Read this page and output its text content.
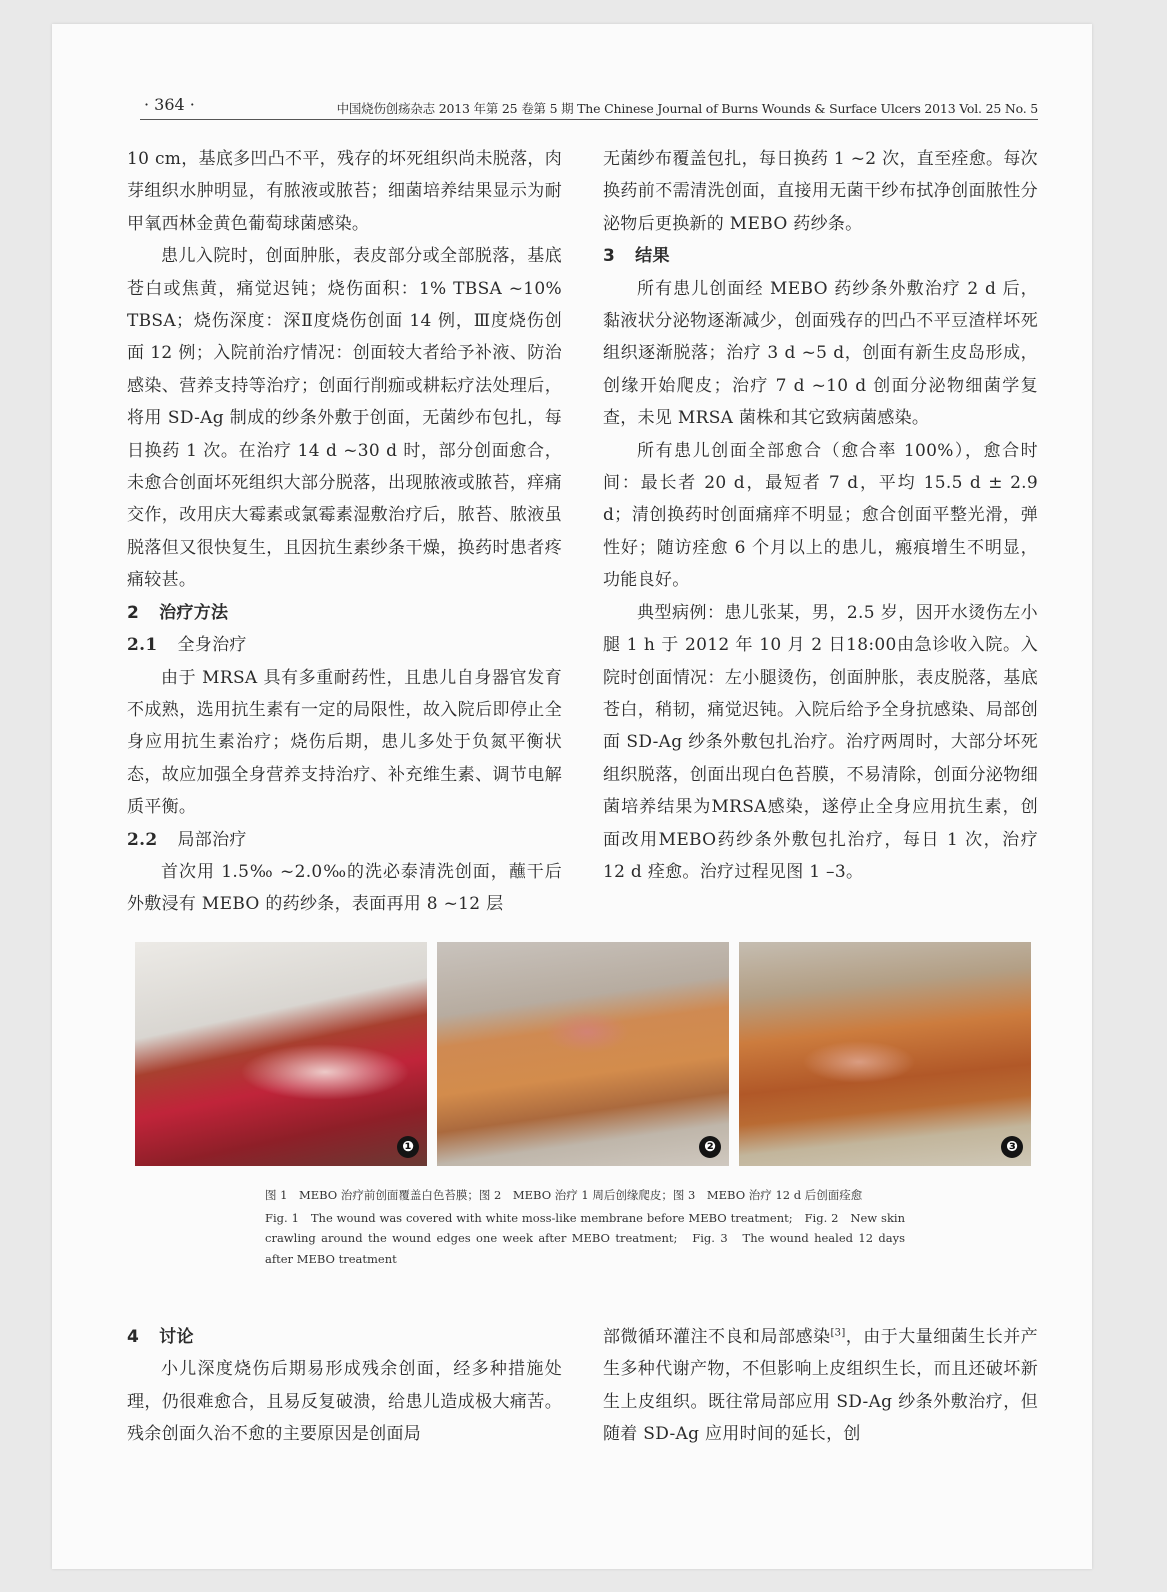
· 364 ·	中国烧伤创疡杂志 2013 年第 25 卷第 5 期 The Chinese Journal of Burns Wounds & Surface Ulcers 2013 Vol. 25 No. 5

10 cm，基底多凹凸不平，残存的坏死组织尚未脱落，肉芽组织水肿明显，有脓液或脓苔；细菌培养结果显示为耐甲氧西林金黄色葡萄球菌感染。

患儿入院时，创面肿胀，表皮部分或全部脱落，基底苍白或焦黄，痛觉迟钝；烧伤面积：1% TBSA ~10% TBSA；烧伤深度：深Ⅱ度烧伤创面 14 例，Ⅲ度烧伤创面 12 例；入院前治疗情况：创面较大者给予补液、防治感染、营养支持等治疗；创面行削痂或耕耘疗法处理后，将用 SD-Ag 制成的纱条外敷于创面，无菌纱布包扎，每日换药 1 次。在治疗 14 d ~30 d 时，部分创面愈合，未愈合创面坏死组织大部分脱落，出现脓液或脓苔，痒痛交作，改用庆大霉素或氯霉素湿敷治疗后，脓苔、脓液虽脱落但又很快复生，且因抗生素纱条干燥，换药时患者疼痛较甚。

2 治疗方法
2.1 全身治疗

由于 MRSA 具有多重耐药性，且患儿自身器官发育不成熟，选用抗生素有一定的局限性，故入院后即停止全身应用抗生素治疗；烧伤后期，患儿多处于负氮平衡状态，故应加强全身营养支持治疗、补充维生素、调节电解质平衡。

2.2 局部治疗

首次用 1.5‰ ~2.0‰的洗必泰清洗创面，蘸干后外敷浸有 MEBO 的药纱条，表面再用 8 ~12 层

无菌纱布覆盖包扎，每日换药 1 ~2 次，直至痊愈。每次换药前不需清洗创面，直接用无菌干纱布拭净创面脓性分泌物后更换新的 MEBO 药纱条。

3 结果

所有患儿创面经 MEBO 药纱条外敷治疗 2 d 后，黏液状分泌物逐渐减少，创面残存的凹凸不平豆渣样坏死组织逐渐脱落；治疗 3 d ~5 d，创面有新生皮岛形成，创缘开始爬皮；治疗 7 d ~10 d 创面分泌物细菌学复查，未见 MRSA 菌株和其它致病菌感染。

所有患儿创面全部愈合（愈合率 100%），愈合时间：最长者 20 d，最短者 7 d，平均 15.5 d ± 2.9 d；清创换药时创面痛痒不明显；愈合创面平整光滑，弹性好；随访痊愈 6 个月以上的患儿，瘢痕增生不明显，功能良好。

典型病例：患儿张某，男，2.5 岁，因开水烫伤左小腿 1 h 于 2012 年 10 月 2 日18:00由急诊收入院。入院时创面情况：左小腿烫伤，创面肿胀，表皮脱落，基底苍白，稍韧，痛觉迟钝。入院后给予全身抗感染、局部创面 SD-Ag 纱条外敷包扎治疗。治疗两周时，大部分坏死组织脱落，创面出现白色苔膜，不易清除，创面分泌物细菌培养结果为MRSA感染，遂停止全身应用抗生素，创面改用MEBO药纱条外敷包扎治疗，每日 1 次，治疗 12 d 痊愈。治疗过程见图 1 –3。

❶	❷	❸

图 1　MEBO 治疗前创面覆盖白色苔膜；图 2　MEBO 治疗 1 周后创缘爬皮；图 3　MEBO 治疗 12 d 后创面痊愈

Fig. 1　The wound was covered with white moss-like membrane before MEBO treatment;　Fig. 2　New skin crawling around the wound edges one week after MEBO treatment;　Fig. 3　The wound healed 12 days after MEBO treatment

4 讨论

小儿深度烧伤后期易形成残余创面，经多种措施处理，仍很难愈合，且易反复破溃，给患儿造成极大痛苦。残余创面久治不愈的主要原因是创面局

部微循环灌注不良和局部感染[3]，由于大量细菌生长并产生多种代谢产物，不但影响上皮组织生长，而且还破坏新生上皮组织。既往常局部应用 SD-Ag 纱条外敷治疗，但随着 SD-Ag 应用时间的延长，创
